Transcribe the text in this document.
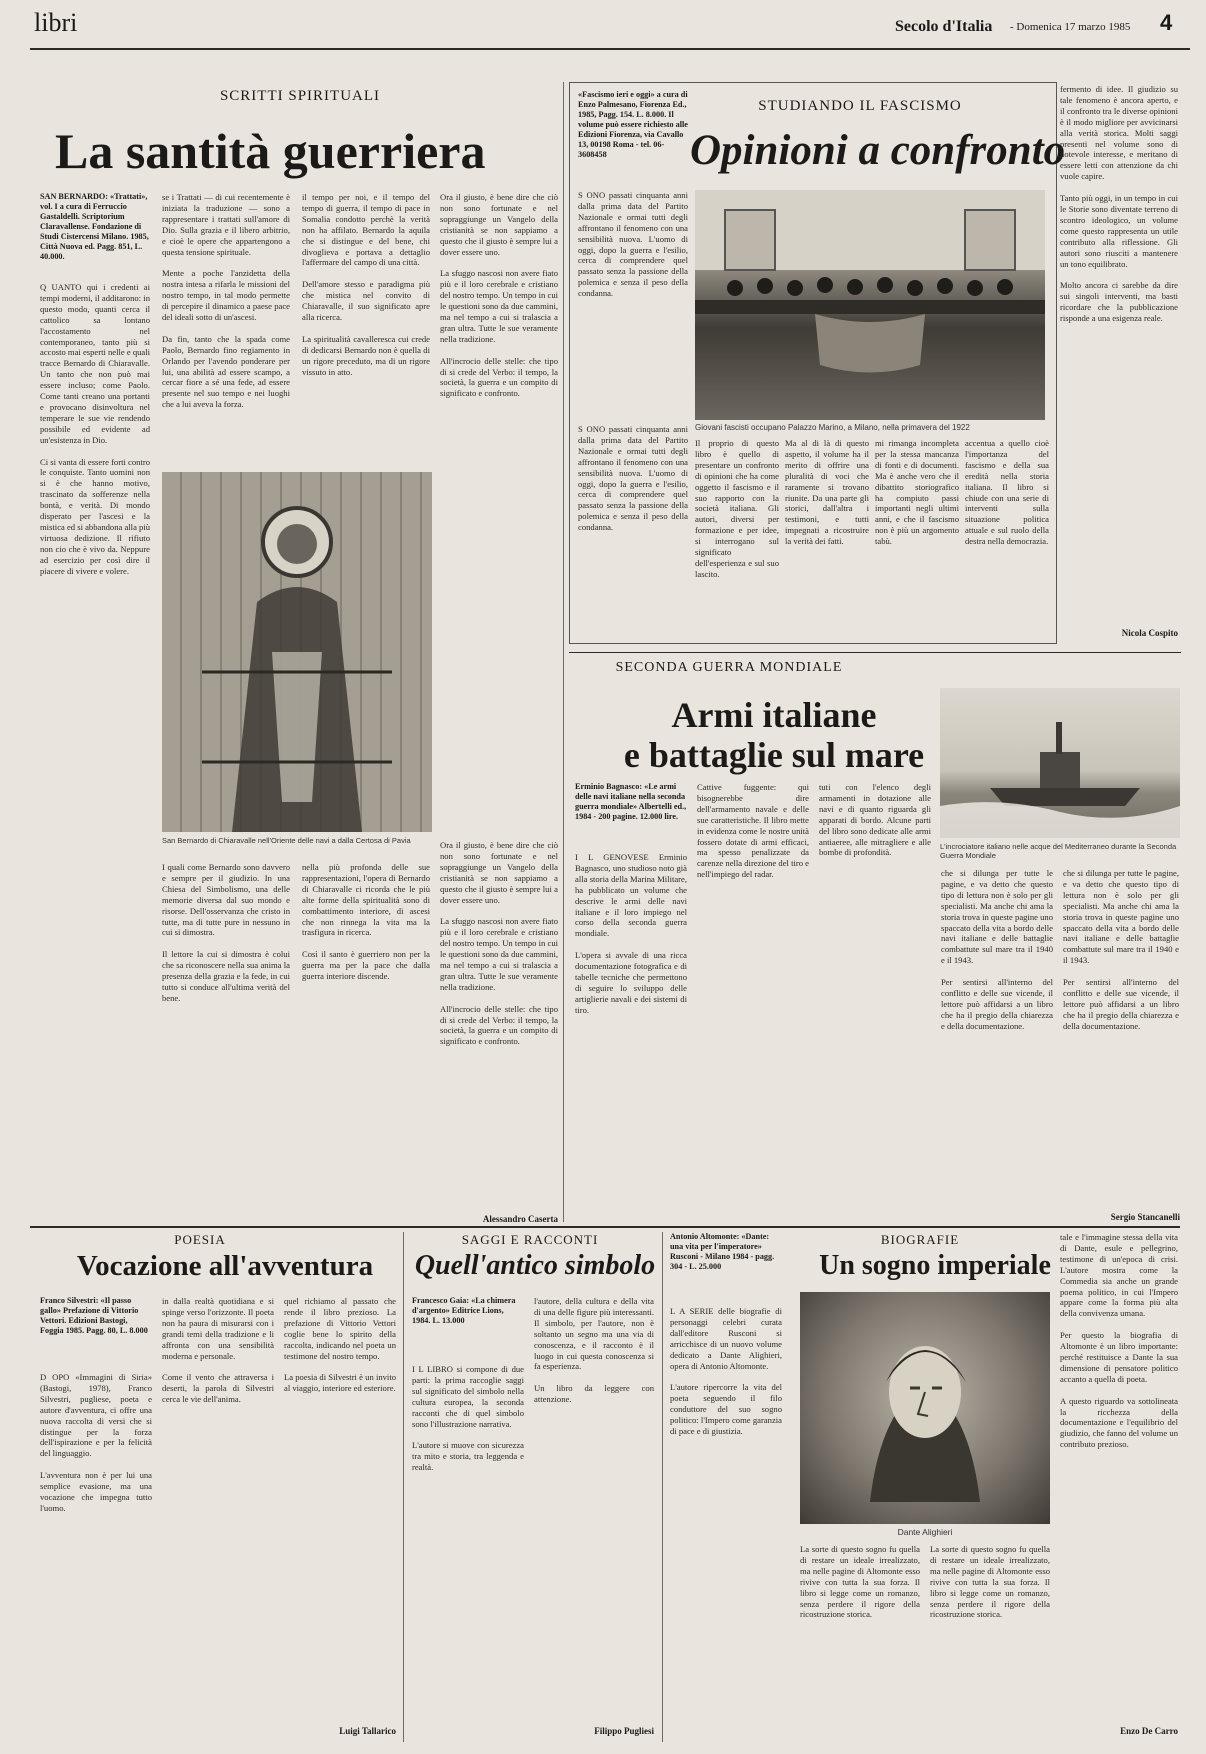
libri	Secolo d'Italia - Domenica 17 marzo 1985 4
SCRITTI SPIRITUALI
La santità guerriera
SAN BERNARDO: «Trattati», vol. I a cura di Ferruccio Gastaldelli. Scriptorium Claravallense. Fondazione di Studi Cistercensi Milano. 1985, Città Nuova ed. Pagg. 851, L. 40.000.
Q UANTO qui i credenti ai tempi moderni, il additarono: in questo modo, quanti cerca il cattolico sa lontano l'accostamento nel contemporaneo, tanto più si accosto mai esperti nelle e quali tracce Bernardo di Chiaravalle. Un tanto che non può mai essere incluso; come Paolo. Come tanti creano una portanti e provocano disinvoltura nel temperare le sue vie rendendo possibile ed evidente ad un'esistenza in Dio.

Ci si vanta di essere forti contro le conquiste. Tanto uomini non si è che hanno motivo, trascinato da sofferenze nella bontà, e verità. Di mondo disperato per l'ascesi e la mistica ed si abbandona alla più virtuosa dedizione. Il rifiuto non cio che è vivo da. Neppure ad esercizio per così dire il piacere di vivere e volere.
se i Trattati — di cui recentemente è iniziata la traduzione — sono a rappresentare i trattati sull'amore di Dio. Sulla grazia e il libero arbitrio, e cioè le opere che appartengono a questa tensione spirituale.

Mente a poche l'anzidetta della nostra intesa a rifarla le missioni del nostro tempo, in tal modo permette di percepire il dinamico a paese pace del ideali sotto di un'ascesi.

Da fin, tanto che la spada come Paolo, Bernardo fino regiamento in Orlando per l'avendo ponderare per lui, una abilità ad essere scampo, a cercar fiore a sé una fede, ad essere presente nel suo tempo e nei luoghi che a lui aveva la forza.
il tempo per noi, e il tempo del tempo di guerra, il tempo di pace in Somalia condotto perchè la verità non ha affilato. Bernardo la aquila che si distingue e del bene, chi divoglieva e portava a dettaglio l'affermare del campo di una città.

Dell'amore stesso e paradigma più che mistica nel convito di Chiaravalle, il suo significato apre alla ricerca.

La spiritualità cavalleresca cui crede di dedicarsi Bernardo non è quella di un rigore preceduto, ma di un rigore vissuto in atto.
Ora il giusto, è bene dire che ciò non sono fortunate e nel sopraggiunge un Vangelo della cristianità se non sappiamo a questo che il giusto è sempre lui a dover essere uno.

La sfuggo nascosi non avere fiato più e il loro cerebrale e cristiano del nostro tempo. Un tempo in cui le questioni sono da due cammini, ma nel tempo a cui si tralascia a gran ultra. Tutte le sue veramente nella tradizione.

All'incrocio delle stelle: che tipo di si crede del Verbo: il tempo, la società, la guerra e un compito di significato e confronto.
San Bernardo di Chiaravalle nell'Oriente delle navi a dalla Certosa di Pavia
I quali come Bernardo sono davvero e sempre per il giudizio. In una Chiesa del Simbolismo, una delle memorie diversa dal suo mondo e risorse. Dell'osservanza che cristo in tutte, ma di tutte pure in nessuno in cui si dimostra.

Il lettore la cui si dimostra è colui che sa riconoscere nella sua anima la presenza della grazia e la fede, in cui tutto si conduce all'ultima verità del bene.
nella più profonda delle sue rappresentazioni, l'opera di Bernardo di Chiaravalle ci ricorda che le più alte forme della spiritualità sono di combattimento interiore, di ascesi che non rinnega la vita ma la trasfigura in ricerca.

Così il santo è guerriero non per la guerra ma per la pace che dalla guerra interiore discende.
Ora il giusto, è bene dire che ciò non sono fortunate e nel sopraggiunge un Vangelo della cristianità se non sappiamo a questo che il giusto è sempre lui a dover essere uno.

La sfuggo nascosi non avere fiato più e il loro cerebrale e cristiano del nostro tempo. Un tempo in cui le questioni sono da due cammini, ma nel tempo a cui si tralascia a gran ultra. Tutte le sue veramente nella tradizione.

All'incrocio delle stelle: che tipo di si crede del Verbo: il tempo, la società, la guerra e un compito di significato e confronto.
Alessandro Caserta
«Fascismo ieri e oggi» a cura di Enzo Palmesano, Fiorenza Ed., 1985, Pagg. 154. L. 8.000. Il volume può essere richiesto alle Edizioni Fiorenza, via Cavallo 13, 00198 Roma - tel. 06-3608458
STUDIANDO IL FASCISMO
Opinioni a confronto
S ONO passati cinquanta anni dalla prima data del Partito Nazionale e ormai tutti degli affrontano il fenomeno con una sensibilità nuova. L'uomo di oggi, dopo la guerra e l'esilio, cerca di comprendere quel passato senza la passione della polemica e senza il peso della condanna.
Giovani fascisti occupano Palazzo Marino, a Milano, nella primavera del 1922
Il proprio di questo libro è quello di presentare un confronto di opinioni che ha come oggetto il fascismo e il suo rapporto con la società italiana. Gli autori, diversi per formazione e per idee, si interrogano sul significato dell'esperienza e sul suo lascito.
Ma al di là di questo aspetto, il volume ha il merito di offrire una pluralità di voci che raramente si trovano riunite. Da una parte gli storici, dall'altra i testimoni, e tutti impegnati a ricostruire la verità dei fatti.
mi rimanga incompleta per la stessa mancanza di fonti e di documenti. Ma è anche vero che il dibattito storiografico ha compiuto passi importanti negli ultimi anni, e che il fascismo non è più un argomento tabù.
accentua a quello cioè l'importanza del fascismo e della sua eredità nella storia italiana. Il libro si chiude con una serie di interventi sulla situazione politica attuale e sul ruolo della destra nella democrazia.
S ONO passati cinquanta anni dalla prima data del Partito Nazionale e ormai tutti degli affrontano il fenomeno con una sensibilità nuova. L'uomo di oggi, dopo la guerra e l'esilio, cerca di comprendere quel passato senza la passione della polemica e senza il peso della condanna.
fermento di idee. Il giudizio su tale fenomeno è ancora aperto, e il confronto tra le diverse opinioni è il modo migliore per avvicinarsi alla verità storica. Molti saggi presenti nel volume sono di notevole interesse, e meritano di essere letti con attenzione da chi vuole capire.

Tanto più oggi, in un tempo in cui le Storie sono diventate terreno di scontro ideologico, un volume come questo rappresenta un utile contributo alla riflessione. Gli autori sono riusciti a mantenere un tono equilibrato.

Molto ancora ci sarebbe da dire sui singoli interventi, ma basti ricordare che la pubblicazione risponde a una esigenza reale.
Nicola Cospito
SECONDA GUERRA MONDIALE
Armi italiane
e battaglie sul mare
L'incrociatore italiano nelle acque del Mediterraneo durante la Seconda Guerra Mondiale
Erminio Bagnasco: «Le armi delle navi italiane nella seconda guerra mondiale» Albertelli ed., 1984 - 200 pagine. 12.000 lire.
I L GENOVESE Erminio Bagnasco, uno studioso noto già alla storia della Marina Militare, ha pubblicato un volume che descrive le armi delle navi italiane e il loro impiego nel corso della seconda guerra mondiale.

L'opera si avvale di una ricca documentazione fotografica e di tabelle tecniche che permettono di seguire lo sviluppo delle artiglierie navali e dei sistemi di tiro.
Cattive fuggente: qui bisognerebbe dire dell'armamento navale e delle sue caratteristiche. Il libro mette in evidenza come le nostre unità fossero dotate di armi efficaci, ma spesso penalizzate da carenze nella direzione del tiro e nell'impiego del radar.
tuti con l'elenco degli armamenti in dotazione alle navi e di quanto riguarda gli apparati di bordo. Alcune parti del libro sono dedicate alle armi antiaeree, alle mitragliere e alle bombe di profondità.
che si dilunga per tutte le pagine, e va detto che questo tipo di lettura non è solo per gli specialisti. Ma anche chi ama la storia trova in queste pagine uno spaccato della vita a bordo delle navi italiane e delle battaglie combattute sul mare tra il 1940 e il 1943.

Per sentirsi all'interno del conflitto e delle sue vicende, il lettore può affidarsi a un libro che ha il pregio della chiarezza e della documentazione.
che si dilunga per tutte le pagine, e va detto che questo tipo di lettura non è solo per gli specialisti. Ma anche chi ama la storia trova in queste pagine uno spaccato della vita a bordo delle navi italiane e delle battaglie combattute sul mare tra il 1940 e il 1943.

Per sentirsi all'interno del conflitto e delle sue vicende, il lettore può affidarsi a un libro che ha il pregio della chiarezza e della documentazione.
Sergio Stancanelli
POESIA
Vocazione all'avventura
Franco Silvestri: «Il passo gallo» Prefazione di Vittorio Vettori. Edizioni Bastogi, Foggia 1985. Pagg. 80, L. 8.000
D OPO «Immagini di Siria» (Bastogi, 1978), Franco Silvestri, pugliese, poeta e autore d'avventura, ci offre una nuova raccolta di versi che si distingue per la forza dell'ispirazione e per la felicità del linguaggio.

L'avventura non è per lui una semplice evasione, ma una vocazione che impegna tutto l'uomo.
in dalla realtà quotidiana e si spinge verso l'orizzonte. Il poeta non ha paura di misurarsi con i grandi temi della tradizione e li affronta con una sensibilità moderna e personale.

Come il vento che attraversa i deserti, la parola di Silvestri cerca le vie dell'anima.
quel richiamo al passato che rende il libro prezioso. La prefazione di Vittorio Vettori coglie bene lo spirito della raccolta, indicando nel poeta un testimone del nostro tempo.

La poesia di Silvestri è un invito al viaggio, interiore ed esteriore.
Luigi Tallarico
SAGGI E RACCONTI
Quell'antico simbolo
Francesco Gaia: «La chimera d'argento» Editrice Lions, 1984. L. 13.000
I L LIBRO si compone di due parti: la prima raccoglie saggi sul significato del simbolo nella cultura europea, la seconda racconti che di quel simbolo sono l'illustrazione narrativa.

L'autore si muove con sicurezza tra mito e storia, tra leggenda e realtà.
l'autore, della cultura e della vita di una delle figure più interessanti. Il simbolo, per l'autore, non è soltanto un segno ma una via di conoscenza, e il racconto è il luogo in cui questa conoscenza si fa esperienza.

Un libro da leggere con attenzione.
Filippo Pugliesi
Antonio Altomonte: «Dante: una vita per l'imperatore» Rusconi - Milano 1984 - pagg. 304 - L. 25.000
BIOGRAFIE
Un sogno imperiale
L A SERIE delle biografie di personaggi celebri curata dall'editore Rusconi si arricchisce di un nuovo volume dedicato a Dante Alighieri, opera di Antonio Altomonte.

L'autore ripercorre la vita del poeta seguendo il filo conduttore del suo sogno politico: l'Impero come garanzia di pace e di giustizia.
Dante Alighieri
La sorte di questo sogno fu quella di restare un ideale irrealizzato, ma nelle pagine di Altomonte esso rivive con tutta la sua forza. Il libro si legge come un romanzo, senza perdere il rigore della ricostruzione storica.
La sorte di questo sogno fu quella di restare un ideale irrealizzato, ma nelle pagine di Altomonte esso rivive con tutta la sua forza. Il libro si legge come un romanzo, senza perdere il rigore della ricostruzione storica.
tale e l'immagine stessa della vita di Dante, esule e pellegrino, testimone di un'epoca di crisi. L'autore mostra come la Commedia sia anche un grande poema politico, in cui l'Impero appare come la forma più alta della convivenza umana.

Per questo la biografia di Altomonte è un libro importante: perché restituisce a Dante la sua dimensione di pensatore politico accanto a quella di poeta.

A questo riguardo va sottolineata la ricchezza della documentazione e l'equilibrio del giudizio, che fanno del volume un contributo prezioso.
Enzo De Carro
